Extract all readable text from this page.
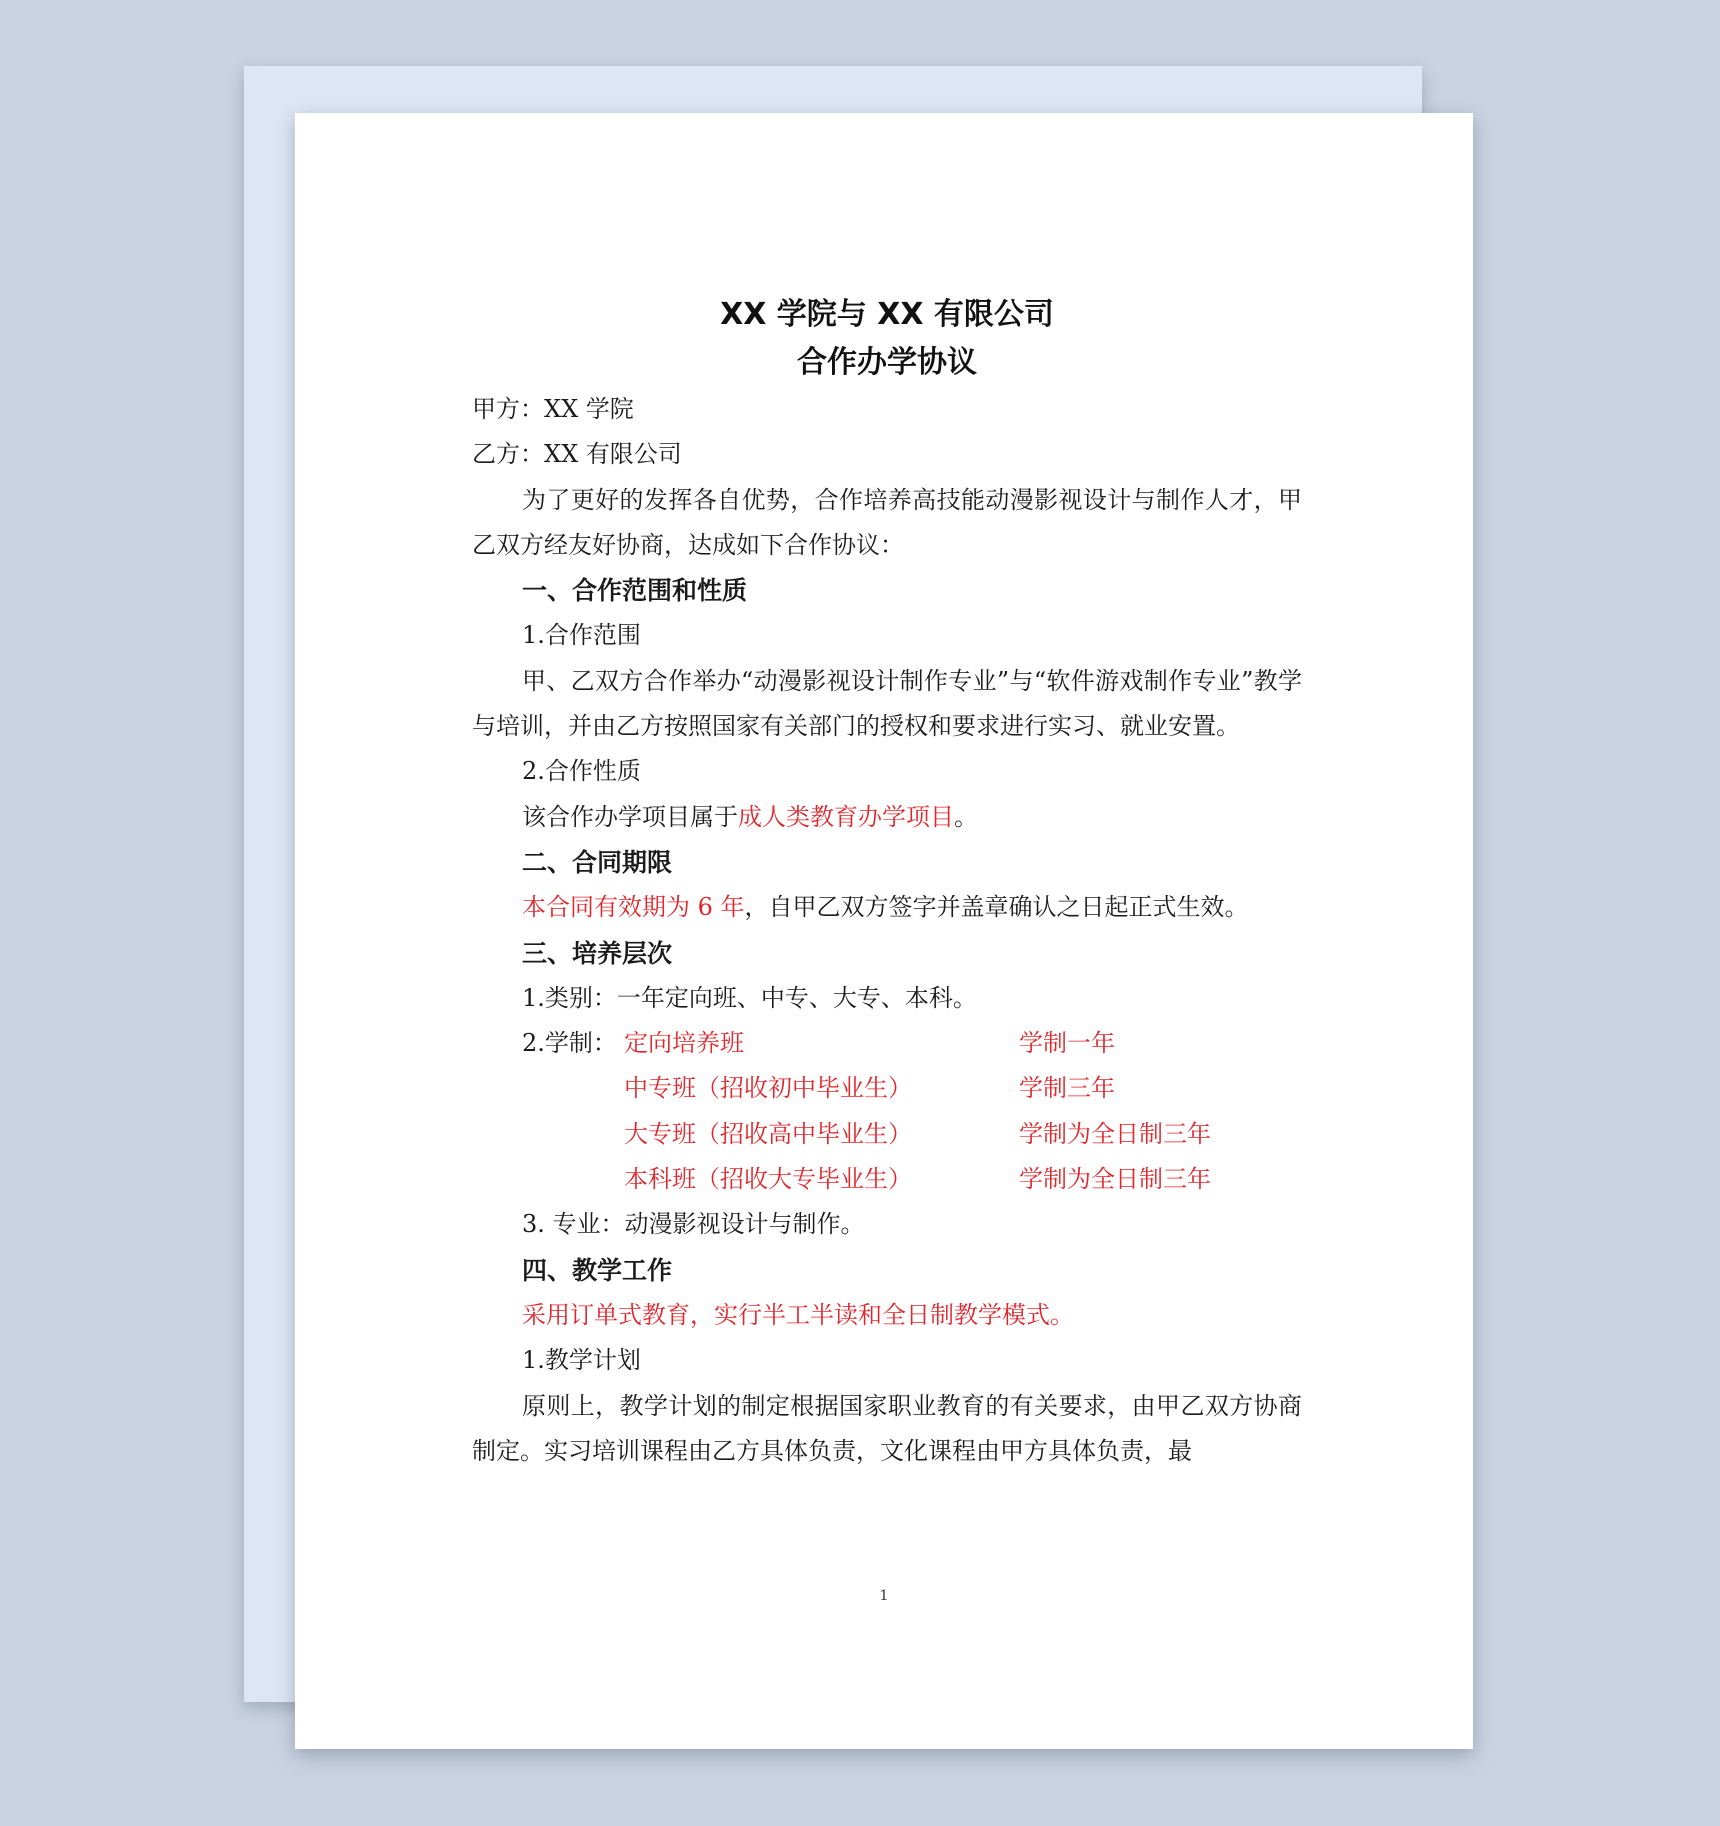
XX 学院与 XX 有限公司
合作办学协议
甲方：XX 学院
乙方：XX 有限公司
为了更好的发挥各自优势，合作培养高技能动漫影视设计与制作人才，甲乙双方经友好协商，达成如下合作协议：
一、合作范围和性质
1.合作范围
甲、乙双方合作举办“动漫影视设计制作专业”与“软件游戏制作专业”教学与培训，并由乙方按照国家有关部门的授权和要求进行实习、就业安置。
2.合作性质
该合作办学项目属于成人类教育办学项目。
二、合同期限
本合同有效期为 6 年，自甲乙双方签字并盖章确认之日起正式生效。
三、培养层次
1.类别：一年定向班、中专、大专、本科。
2.学制： 定向培养班	学制一年
中专班（招收初中毕业生）	学制三年
大专班（招收高中毕业生）	学制为全日制三年
本科班（招收大专毕业生）	学制为全日制三年
3. 专业：动漫影视设计与制作。
四、教学工作
采用订单式教育，实行半工半读和全日制教学模式。
1.教学计划
原则上，教学计划的制定根据国家职业教育的有关要求，由甲乙双方协商制定。实习培训课程由乙方具体负责，文化课程由甲方具体负责，最
1
